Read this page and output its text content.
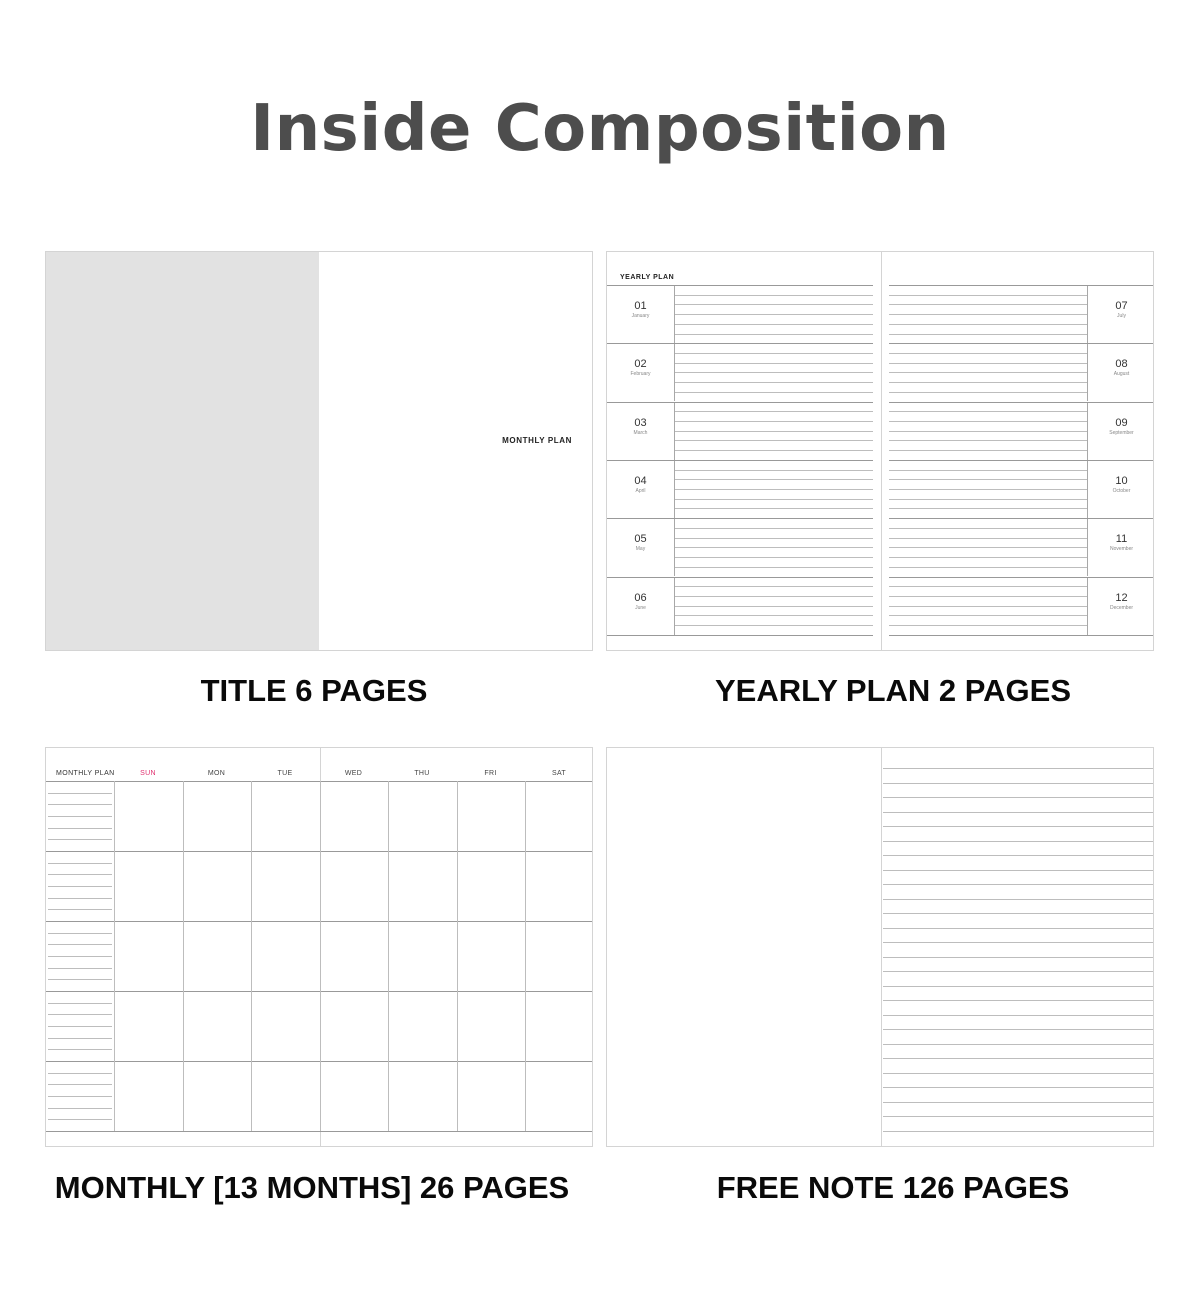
Inside Composition
MONTHLY PLAN
TITLE 6 PAGES
YEARLY PLAN
01
January
02
February
03
March
04
April
05
May
06
June
07
July
08
August
09
September
10
October
11
November
12
December
YEARLY PLAN 2 PAGES
MONTHLY PLAN	SUN	MON	TUE	WED	THU	FRI	SAT
MONTHLY [13 MONTHS] 26 PAGES	FREE NOTE 126 PAGES
